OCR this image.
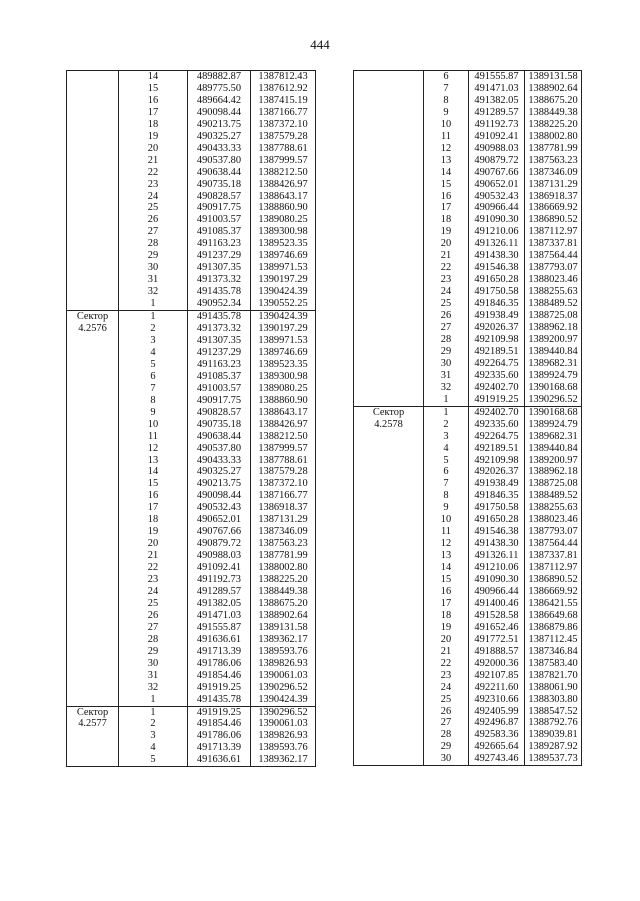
444
	14	489882.87	1387812.43
	15	489775.50	1387612.92
	16	489664.42	1387415.19
	17	490098.44	1387166.77
	18	490213.75	1387372.10
	19	490325.27	1387579.28
	20	490433.33	1387788.61
	21	490537.80	1387999.57
	22	490638.44	1388212.50
	23	490735.18	1388426.97
	24	490828.57	1388643.17
	25	490917.75	1388860.90
	26	491003.57	1389080.25
	27	491085.37	1389300.98
	28	491163.23	1389523.35
	29	491237.29	1389746.69
	30	491307.35	1389971.53
	31	491373.32	1390197.29
	32	491435.78	1390424.39
	1	490952.34	1390552.25

Сектор
4.2576	1	491435.78	1390424.39
	2	491373.32	1390197.29
	3	491307.35	1389971.53
	4	491237.29	1389746.69
	5	491163.23	1389523.35
	6	491085.37	1389300.98
	7	491003.57	1389080.25
	8	490917.75	1388860.90
	9	490828.57	1388643.17
	10	490735.18	1388426.97
	11	490638.44	1388212.50
	12	490537.80	1387999.57
	13	490433.33	1387788.61
	14	490325.27	1387579.28
	15	490213.75	1387372.10
	16	490098.44	1387166.77
	17	490532.43	1386918.37
	18	490652.01	1387131.29
	19	490767.66	1387346.09
	20	490879.72	1387563.23
	21	490988.03	1387781.99
	22	491092.41	1388002.80
	23	491192.73	1388225.20
	24	491289.57	1388449.38
	25	491382.05	1388675.20
	26	491471.03	1388902.64
	27	491555.87	1389131.58
	28	491636.61	1389362.17
	29	491713.39	1389593.76
	30	491786.06	1389826.93
	31	491854.46	1390061.03
	32	491919.25	1390296.52
	1	491435.78	1390424.39

Сектор
4.2577	1	491919.25	1390296.52
	2	491854.46	1390061.03
	3	491786.06	1389826.93
	4	491713.39	1389593.76
	5	491636.61	1389362.17
	6	491555.87	1389131.58
	7	491471.03	1388902.64
	8	491382.05	1388675.20
	9	491289.57	1388449.38
	10	491192.73	1388225.20
	11	491092.41	1388002.80
	12	490988.03	1387781.99
	13	490879.72	1387563.23
	14	490767.66	1387346.09
	15	490652.01	1387131.29
	16	490532.43	1386918.37
	17	490966.44	1386669.92
	18	491090.30	1386890.52
	19	491210.06	1387112.97
	20	491326.11	1387337.81
	21	491438.30	1387564.44
	22	491546.38	1387793.07
	23	491650.28	1388023.46
	24	491750.58	1388255.63
	25	491846.35	1388489.52
	26	491938.49	1388725.08
	27	492026.37	1388962.18
	28	492109.98	1389200.97
	29	492189.51	1389440.84
	30	492264.75	1389682.31
	31	492335.60	1389924.79
	32	492402.70	1390168.68
	1	491919.25	1390296.52

Сектор
4.2578	1	492402.70	1390168.68
	2	492335.60	1389924.79
	3	492264.75	1389682.31
	4	492189.51	1389440.84
	5	492109.98	1389200.97
	6	492026.37	1388962.18
	7	491938.49	1388725.08
	8	491846.35	1388489.52
	9	491750.58	1388255.63
	10	491650.28	1388023.46
	11	491546.38	1387793.07
	12	491438.30	1387564.44
	13	491326.11	1387337.81
	14	491210.06	1387112.97
	15	491090.30	1386890.52
	16	490966.44	1386669.92
	17	491400.46	1386421.55
	18	491528.58	1386649.68
	19	491652.46	1386879.86
	20	491772.51	1387112.45
	21	491888.57	1387346.84
	22	492000.36	1387583.40
	23	492107.85	1387821.70
	24	492211.60	1388061.90
	25	492310.66	1388303.80
	26	492405.99	1388547.52
	27	492496.87	1388792.76
	28	492583.36	1389039.81
	29	492665.64	1389287.92
	30	492743.46	1389537.73
